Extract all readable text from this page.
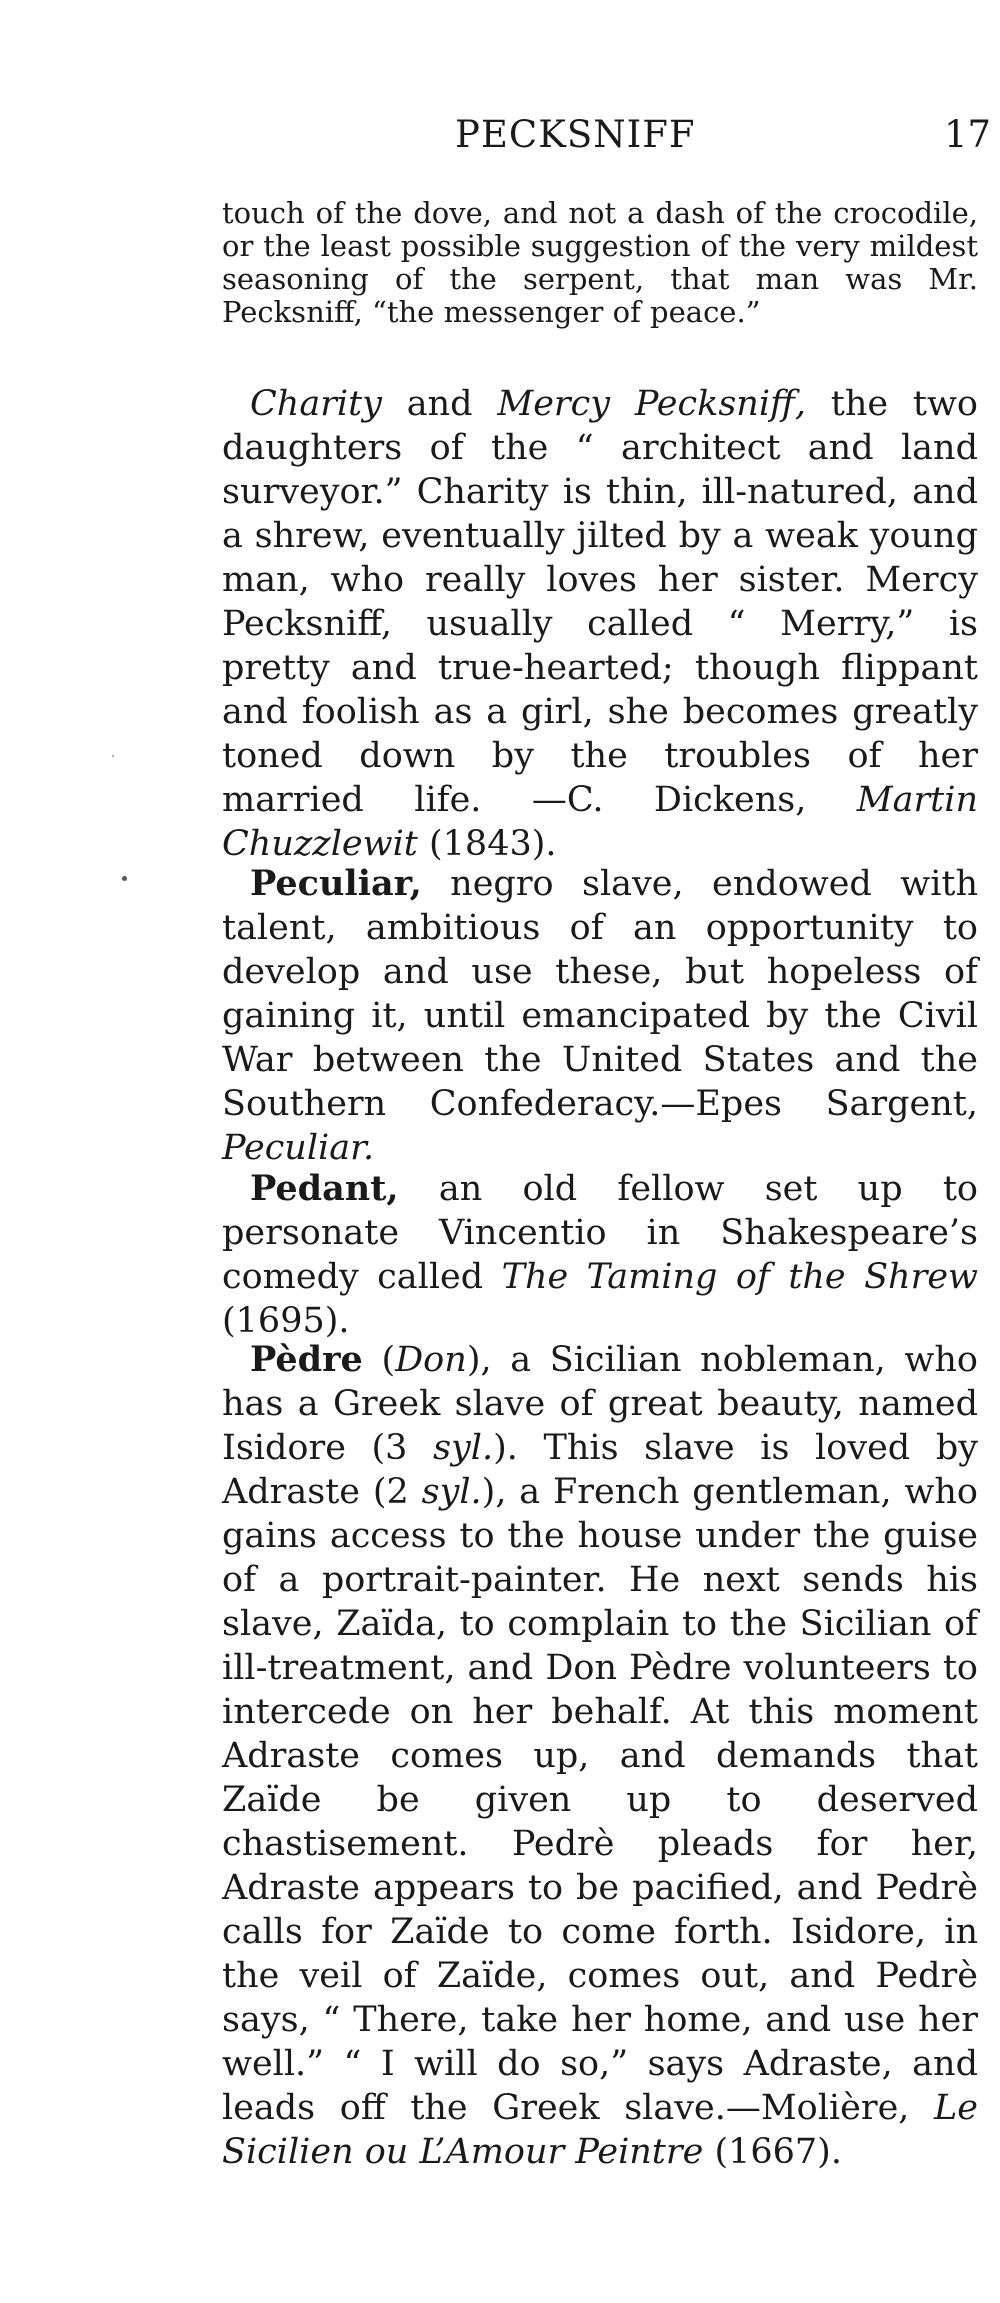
PECKSNIFF	17

touch of the dove, and not a dash of the crocodile, or the least possible suggestion of the very mildest seasoning of the serpent, that man was Mr. Pecksniff, “the messenger of peace.”

Charity and Mercy Pecksniff, the two daughters of the “ architect and land surveyor.” Charity is thin, ill-natured, and a shrew, eventually jilted by a weak young man, who really loves her sister. Mercy Pecksniff, usually called “ Merry,” is pretty and true-hearted; though flippant and foolish as a girl, she becomes greatly toned down by the troubles of her married life. —C. Dickens, Martin Chuzzlewit (1843).

Peculiar, negro slave, endowed with talent, ambitious of an opportunity to develop and use these, but hopeless of gaining it, until emancipated by the Civil War between the United States and the Southern Confederacy.—Epes Sargent, Peculiar.

Pedant, an old fellow set up to personate Vincentio in Shakespeare’s comedy called The Taming of the Shrew (1695).

Pèdre (Don), a Sicilian nobleman, who has a Greek slave of great beauty, named Isidore (3 syl.). This slave is loved by Adraste (2 syl.), a French gentleman, who gains access to the house under the guise of a portrait-painter. He next sends his slave, Zaïda, to complain to the Sicilian of ill-treatment, and Don Pèdre volunteers to intercede on her behalf. At this moment Adraste comes up, and demands that Zaïde be given up to deserved chastisement. Pedrè pleads for her, Adraste appears to be pacified, and Pedrè calls for Zaïde to come forth. Isidore, in the veil of Zaïde, comes out, and Pedrè says, “ There, take her home, and use her well.” “ I will do so,” says Adraste, and leads off the Greek slave.—Molière, Le Sicilien ou L’Amour Peintre (1667).
